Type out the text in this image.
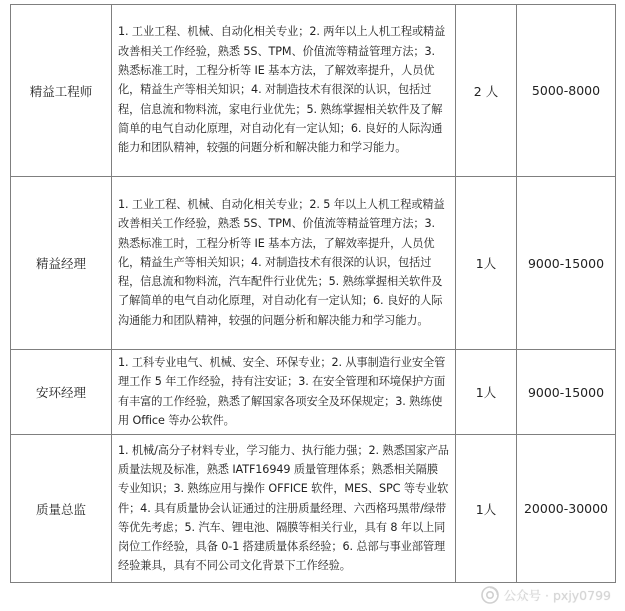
精益工程师	1. 工业工程、机械、自动化相关专业；2. 两年以上人机工程或精益改善相关工作经验，熟悉 5S、TPM、价值流等精益管理方法；3. 熟悉标准工时，工程分析等 IE 基本方法，了解效率提升，人员优化，精益生产等相关知识；4. 对制造技术有很深的认识，包括过程，信息流和物料流，家电行业优先；5. 熟练掌握相关软件及了解简单的电气自动化原理，对自动化有一定认知；6. 良好的人际沟通能力和团队精神，较强的问题分析和解决能力和学习能力。	2 人	5000-8000
精益经理	1. 工业工程、机械、自动化相关专业；2. 5 年以上人机工程或精益改善相关工作经验，熟悉 5S、TPM、价值流等精益管理方法；3. 熟悉标准工时，工程分析等 IE 基本方法，了解效率提升，人员优化，精益生产等相关知识；4. 对制造技术有很深的认识，包括过程，信息流和物料流，汽车配件行业优先；5. 熟练掌握相关软件及了解简单的电气自动化原理，对自动化有一定认知；6. 良好的人际沟通能力和团队精神，较强的问题分析和解决能力和学习能力。	1人	9000-15000
安环经理	1. 工科专业电气、机械、安全、环保专业；2. 从事制造行业安全管理工作 5 年工作经验，持有注安证；3. 在安全管理和环境保护方面有丰富的工作经验，熟悉了解国家各项安全及环保规定；3. 熟练使用 Office 等办公软件。	1人	9000-15000
质量总监	1. 机械/高分子材料专业，学习能力、执行能力强；2. 熟悉国家产品质量法规及标准，熟悉 IATF16949 质量管理体系；熟悉相关隔膜专业知识；3. 熟练应用与操作 OFFICE 软件，MES、SPC 等专业软件；4. 具有质量协会认证通过的注册质量经理、六西格玛黑带/绿带等优先考虑；5. 汽车、锂电池、隔膜等相关行业，具有 8 年以上同岗位工作经验，具备 0-1 搭建质量体系经验；6. 总部与事业部管理经验兼具，具有不同公司文化背景下工作经验。	1人	20000-30000
公众号 · pxjy0799
